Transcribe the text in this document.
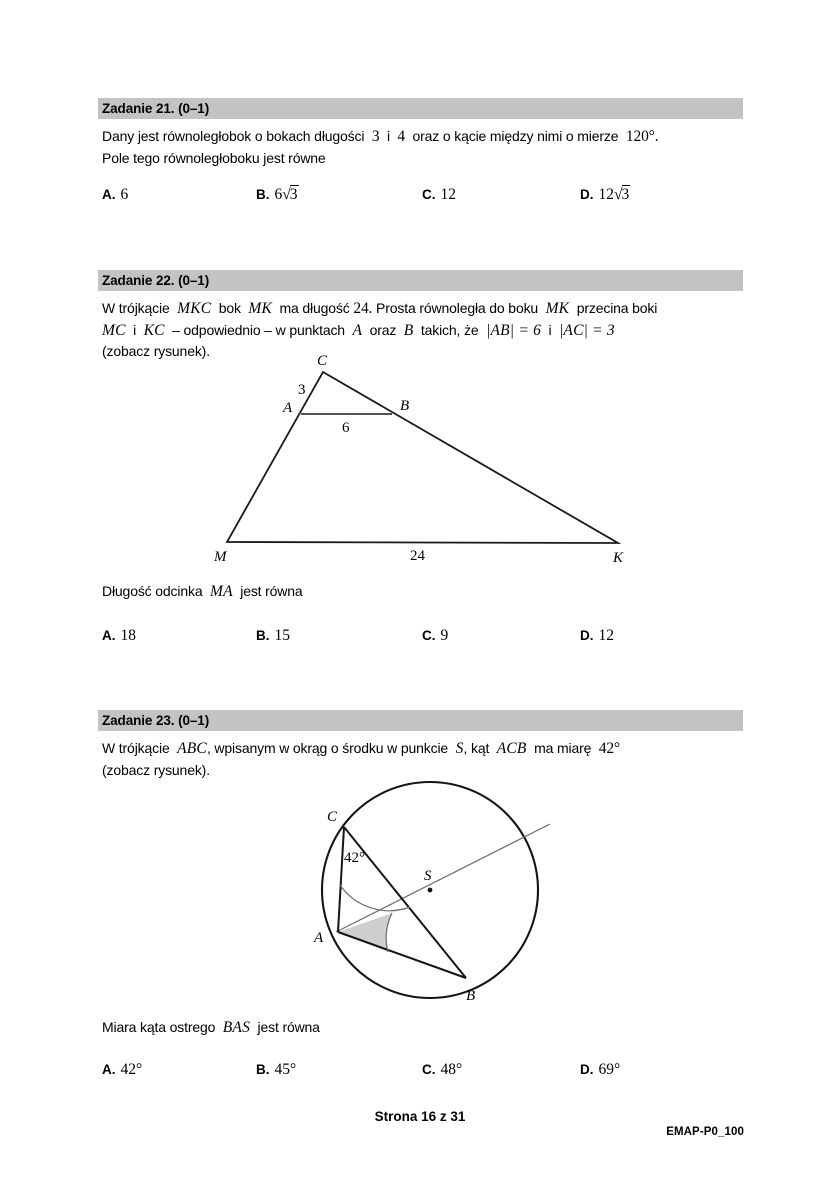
Zadanie 21. (0–1)

Dany jest równoległobok o bokach długości 3 i 4 oraz o kącie między nimi o mierze 120°.

Pole tego równoległoboku jest równe

A. 6	B. 6√3	C. 12	D. 12√3
Zadanie 22. (0–1)

W trójkącie MKC bok MK ma długość 24. Prosta równoległa do boku MK przecina boki

MC i KC – odpowiednio – w punktach A oraz B takich, że |AB| = 6 i |AC| = 3

(zobacz rysunek).

C
A	B
M	K
3
6
24
Długość odcinka MA jest równa
A. 18	B. 15	C. 9	D. 12
Zadanie 23. (0–1)

W trójkącie ABC, wpisanym w okrąg o środku w punkcie S, kąt ACB ma miarę 42°

(zobacz rysunek).

C
A
B
S
42°
Miara kąta ostrego BAS jest równa
A. 42°	B. 45°	C. 48°	D. 69°
Strona 16 z 31
EMAP-P0_100
